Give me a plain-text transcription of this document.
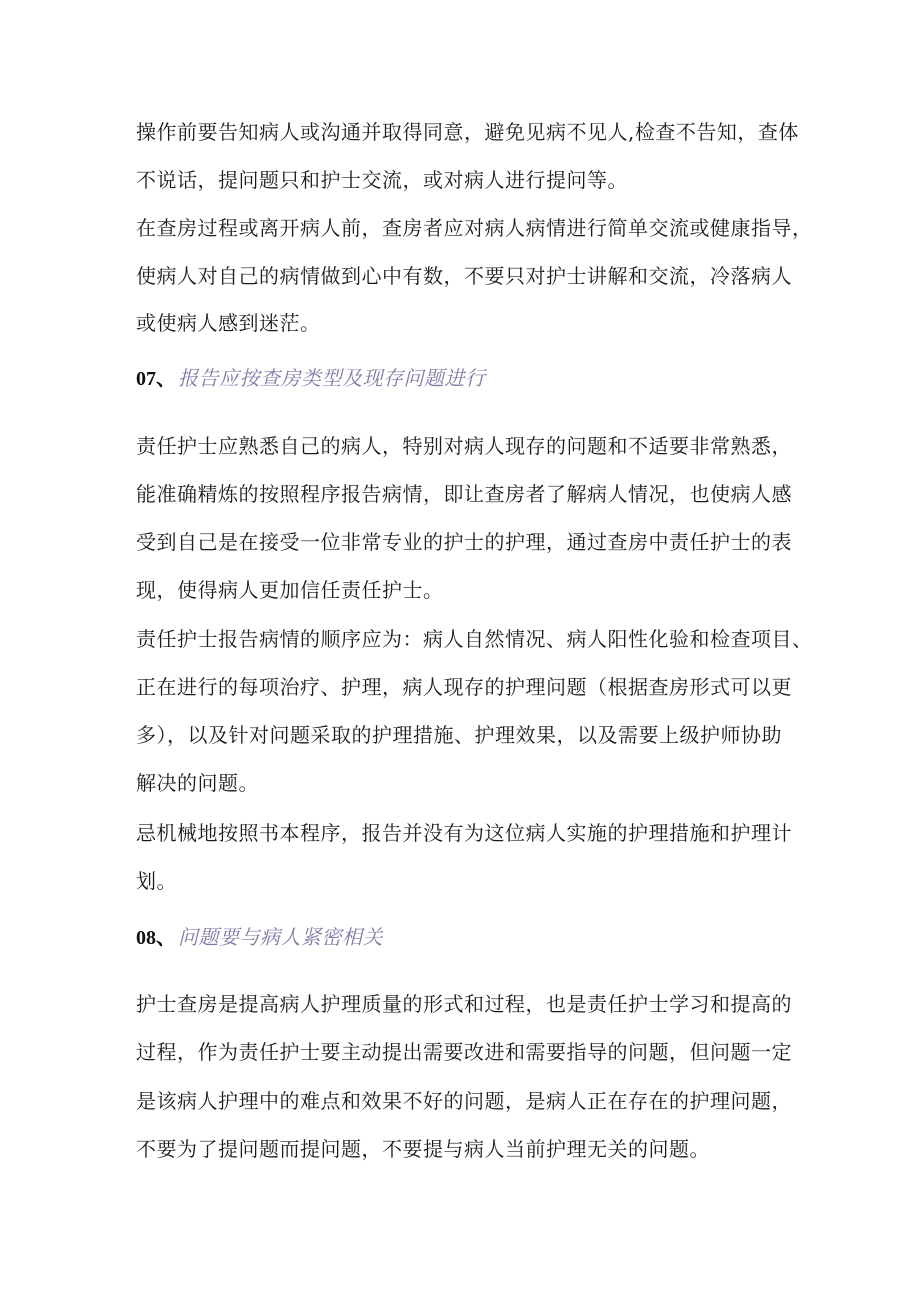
操作前要告知病人或沟通并取得同意，避免见病不见人,检查不告知，查体
不说话，提问题只和护士交流，或对病人进行提问等。
在查房过程或离开病人前，查房者应对病人病情进行简单交流或健康指导，
使病人对自己的病情做到心中有数，不要只对护士讲解和交流，冷落病人
或使病人感到迷茫。
07、 报告应按查房类型及现存问题进行
责任护士应熟悉自己的病人，特别对病人现存的问题和不适要非常熟悉，
能准确精炼的按照程序报告病情，即让查房者了解病人情况，也使病人感
受到自己是在接受一位非常专业的护士的护理，通过查房中责任护士的表
现，使得病人更加信任责任护士。
责任护士报告病情的顺序应为：病人自然情况、病人阳性化验和检查项目、
正在进行的每项治疗、护理，病人现存的护理问题（根据查房形式可以更
多），以及针对问题采取的护理措施、护理效果，以及需要上级护师协助
解决的问题。
忌机械地按照书本程序，报告并没有为这位病人实施的护理措施和护理计
划。
08、 问题要与病人紧密相关
护士查房是提高病人护理质量的形式和过程，也是责任护士学习和提高的
过程，作为责任护士要主动提出需要改进和需要指导的问题，但问题一定
是该病人护理中的难点和效果不好的问题，是病人正在存在的护理问题，
不要为了提问题而提问题，不要提与病人当前护理无关的问题。
